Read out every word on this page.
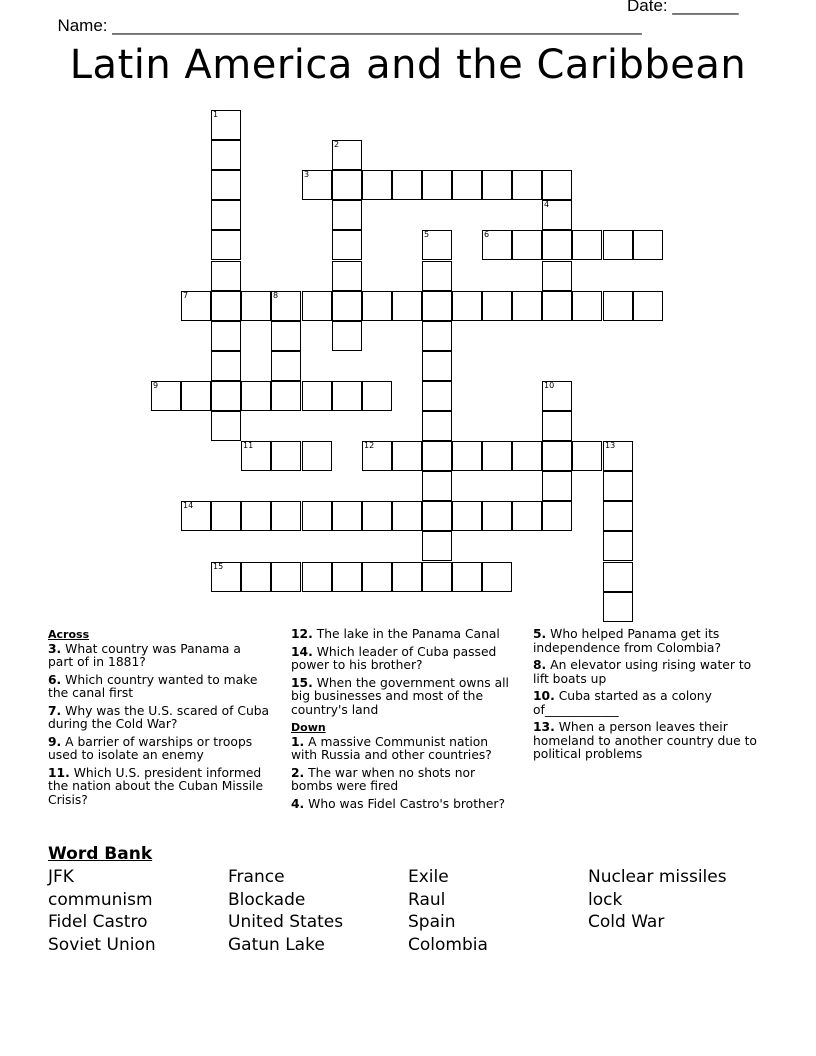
Name: ________________________________________________________

Date: _______

Latin America and the Caribbean
1
2
3
4
5	6
7	8
9	10
11	12	13
14
15
Across
3. What country was Panama a part of in 1881?
6. Which country wanted to make the canal first
7. Why was the U.S. scared of Cuba during the Cold War?
9. A barrier of warships or troops used to isolate an enemy
11. Which U.S. president informed the nation about the Cuban Missile Crisis?
12. The lake in the Panama Canal
14. Which leader of Cuba passed power to his brother?
15. When the government owns all big businesses and most of the country's land
Down
1. A massive Communist nation with Russia and other countries?
2. The war when no shots nor bombs were fired
4. Who was Fidel Castro's brother?
5. Who helped Panama get its independence from Colombia?
8. An elevator using rising water to lift boats up
10. Cuba started as a colony of____________
13. When a person leaves their homeland to another country due to political problems
Word Bank
JFK	France	Exile	Nuclear missiles
communism	Blockade	Raul	lock
Fidel Castro	United States	Spain	Cold War
Soviet Union	Gatun Lake	Colombia
